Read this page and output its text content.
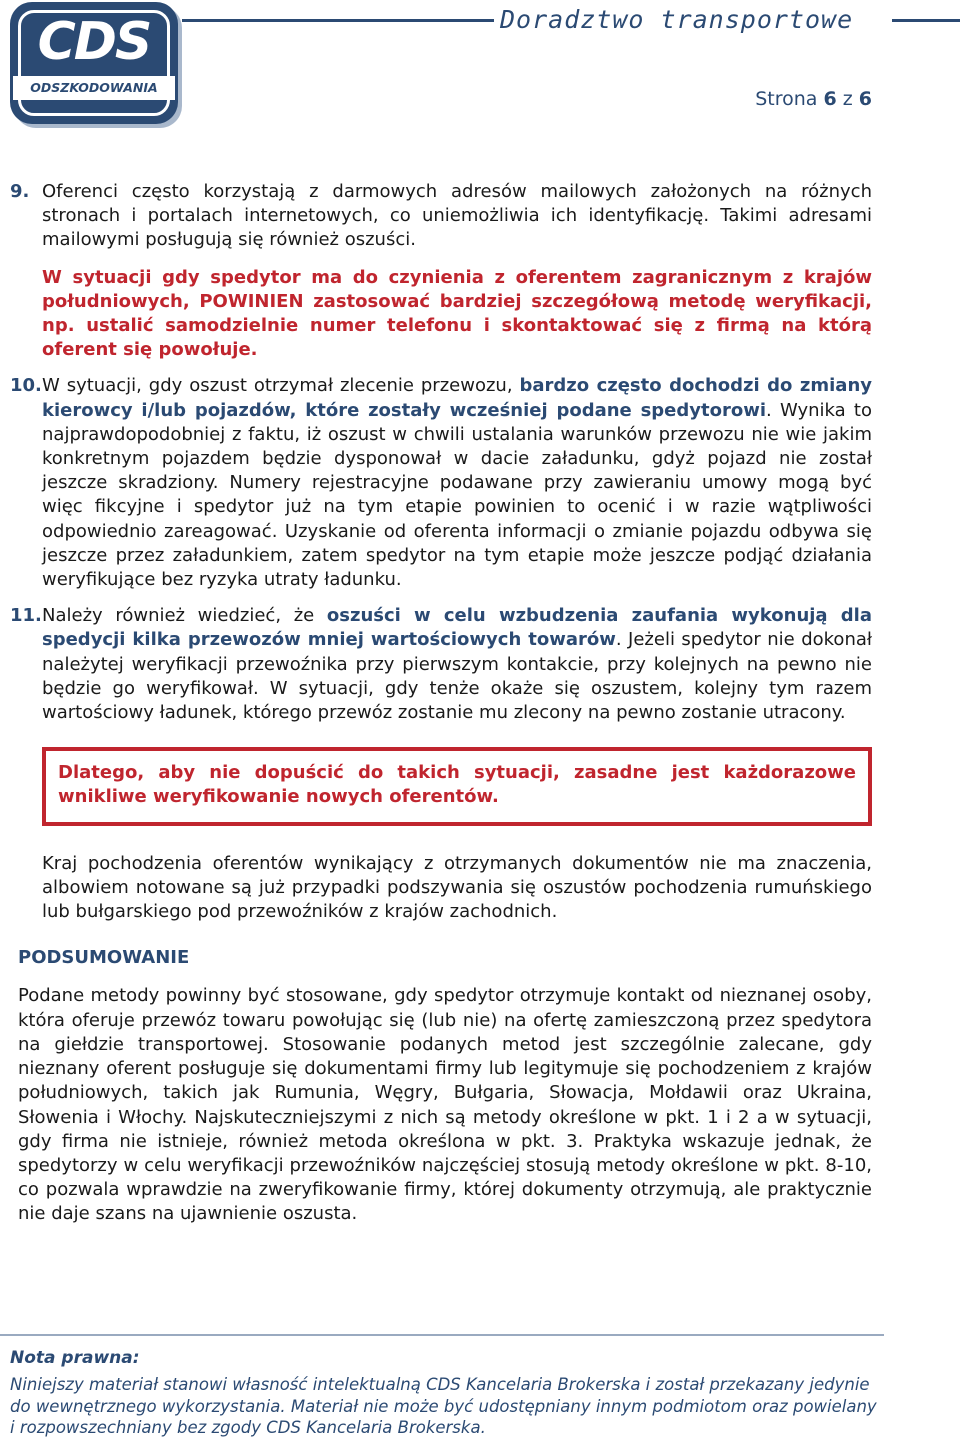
CDS
ODSZKODOWANIA
Doradztwo transportowe
Strona 6 z 6
9. Oferenci często korzystają z darmowych adresów mailowych założonych na różnych stronach i portalach internetowych, co uniemożliwia ich identyfikację. Takimi adresami mailowymi posługują się również oszuści.

W sytuacji gdy spedytor ma do czynienia z oferentem zagranicznym z krajów południowych, POWINIEN zastosować bardziej szczegółową metodę weryfikacji, np. ustalić samodzielnie numer telefonu i skontaktować się z firmą na którą oferent się powołuje.

10. W sytuacji, gdy oszust otrzymał zlecenie przewozu, bardzo często dochodzi do zmiany kierowcy i/lub pojazdów, które zostały wcześniej podane spedytorowi. Wynika to najprawdopodobniej z faktu, iż oszust w chwili ustalania warunków przewozu nie wie jakim konkretnym pojazdem będzie dysponował w dacie załadunku, gdyż pojazd nie został jeszcze skradziony. Numery rejestracyjne podawane przy zawieraniu umowy mogą być więc fikcyjne i spedytor już na tym etapie powinien to ocenić i w razie wątpliwości odpowiednio zareagować. Uzyskanie od oferenta informacji o zmianie pojazdu odbywa się jeszcze przez załadunkiem, zatem spedytor na tym etapie może jeszcze podjąć działania weryfikujące bez ryzyka utraty ładunku.

11. Należy również wiedzieć, że oszuści w celu wzbudzenia zaufania wykonują dla spedycji kilka przewozów mniej wartościowych towarów. Jeżeli spedytor nie dokonał należytej weryfikacji przewoźnika przy pierwszym kontakcie, przy kolejnych na pewno nie będzie go weryfikował. W sytuacji, gdy tenże okaże się oszustem, kolejny tym razem wartościowy ładunek, którego przewóz zostanie mu zlecony na pewno zostanie utracony.

Dlatego, aby nie dopuścić do takich sytuacji, zasadne jest każdorazowe wnikliwe weryfikowanie nowych oferentów.

Kraj pochodzenia oferentów wynikający z otrzymanych dokumentów nie ma znaczenia, albowiem notowane są już przypadki podszywania się oszustów pochodzenia rumuńskiego lub bułgarskiego pod przewoźników z krajów zachodnich.

PODSUMOWANIE

Podane metody powinny być stosowane, gdy spedytor otrzymuje kontakt od nieznanej osoby, która oferuje przewóz towaru powołując się (lub nie) na ofertę zamieszczoną przez spedytora na giełdzie transportowej. Stosowanie podanych metod jest szczególnie zalecane, gdy nieznany oferent posługuje się dokumentami firmy lub legitymuje się pochodzeniem z krajów południowych, takich jak Rumunia, Węgry, Bułgaria, Słowacja, Mołdawii oraz Ukraina, Słowenia i Włochy. Najskuteczniejszymi z nich są metody określone w pkt. 1 i 2 a w sytuacji, gdy firma nie istnieje, również metoda określona w pkt. 3. Praktyka wskazuje jednak, że spedytorzy w celu weryfikacji przewoźników najczęściej stosują metody określone w pkt. 8-10, co pozwala wprawdzie na zweryfikowanie firmy, której dokumenty otrzymują, ale praktycznie nie daje szans na ujawnienie oszusta.

Nota prawna:
Niniejszy materiał stanowi własność intelektualną CDS Kancelaria Brokerska i został przekazany jedynie do wewnętrznego wykorzystania. Materiał nie może być udostępniany innym podmiotom oraz powielany i rozpowszechniany bez zgody CDS Kancelaria Brokerska.
